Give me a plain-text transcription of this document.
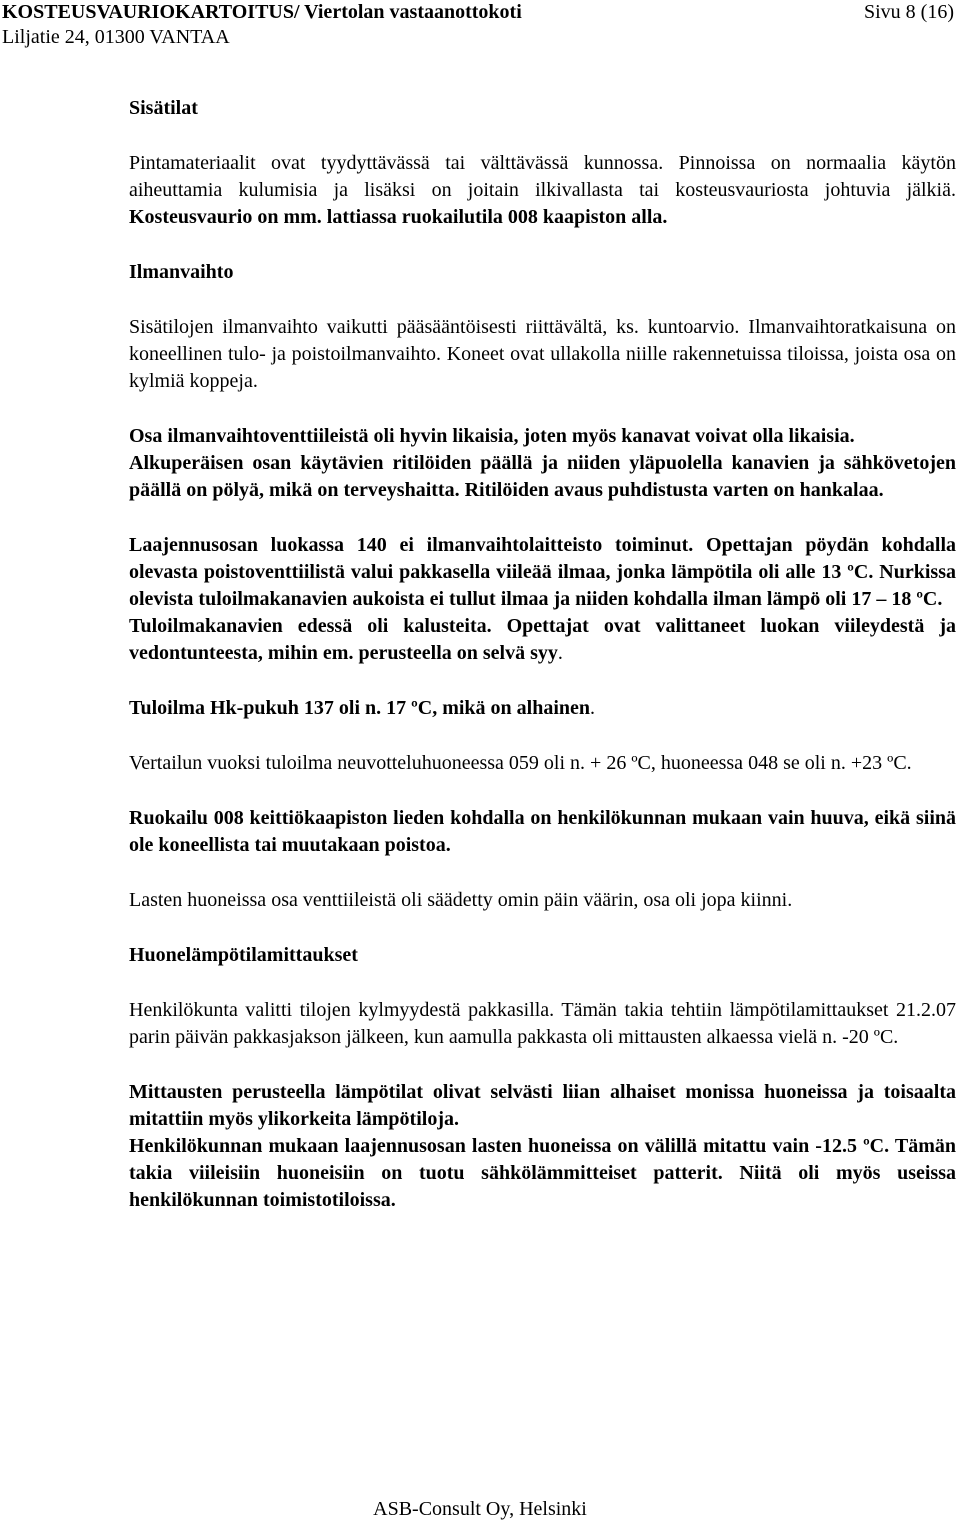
KOSTEUSVAURIOKARTOITUS/ Viertolan vastaanottokoti	Sivu 8 (16)
Liljatie 24, 01300 VANTAA
Sisätilat

Pintamateriaalit ovat tyydyttävässä tai välttävässä kunnossa. Pinnoissa on normaalia käytön aiheuttamia kulumisia ja lisäksi on joitain ilkivallasta tai kosteusvauriosta johtuvia jälkiä. Kosteusvaurio on mm. lattiassa ruokailutila 008 kaapiston alla.

Ilmanvaihto

Sisätilojen ilmanvaihto vaikutti pääsääntöisesti riittävältä, ks. kuntoarvio. Ilmanvaihtoratkaisuna on koneellinen tulo- ja poistoilmanvaihto. Koneet ovat ullakolla niille rakennetuissa tiloissa, joista osa on kylmiä koppeja.

Osa ilmanvaihtoventtiileistä oli hyvin likaisia, joten myös kanavat voivat olla likaisia.

Alkuperäisen osan käytävien ritilöiden päällä ja niiden yläpuolella kanavien ja sähkövetojen päällä on pölyä, mikä on terveyshaitta. Ritilöiden avaus puhdistusta varten on hankalaa.

Laajennusosan luokassa 140 ei ilmanvaihtolaitteisto toiminut. Opettajan pöydän kohdalla olevasta poistoventtiilistä valui pakkasella viileää ilmaa, jonka lämpötila oli alle 13 ºC. Nurkissa olevista tuloilmakanavien aukoista ei tullut ilmaa ja niiden kohdalla ilman lämpö oli 17 – 18 ºC.

Tuloilmakanavien edessä oli kalusteita. Opettajat ovat valittaneet luokan viileydestä ja vedontunteesta, mihin em. perusteella on selvä syy.

Tuloilma Hk-pukuh 137 oli n. 17 ºC, mikä on alhainen.

Vertailun vuoksi tuloilma neuvotteluhuoneessa 059 oli n. + 26 ºC, huoneessa 048 se oli n. +23 ºC.

Ruokailu 008 keittiökaapiston lieden kohdalla on henkilökunnan mukaan vain huuva, eikä siinä ole koneellista tai muutakaan poistoa.

Lasten huoneissa osa venttiileistä oli säädetty omin päin väärin, osa oli jopa kiinni.

Huonelämpötilamittaukset

Henkilökunta valitti tilojen kylmyydestä pakkasilla. Tämän takia tehtiin lämpötilamittaukset 21.2.07 parin päivän pakkasjakson jälkeen, kun aamulla pakkasta oli mittausten alkaessa vielä n. -20 ºC.

Mittausten perusteella lämpötilat olivat selvästi liian alhaiset monissa huoneissa ja toisaalta mitattiin myös ylikorkeita lämpötiloja.

Henkilökunnan mukaan laajennusosan lasten huoneissa on välillä mitattu vain -12.5 ºC. Tämän takia viileisiin huoneisiin on tuotu sähkölämmitteiset patterit. Niitä oli myös useissa henkilökunnan toimistotiloissa.

ASB-Consult Oy, Helsinki
